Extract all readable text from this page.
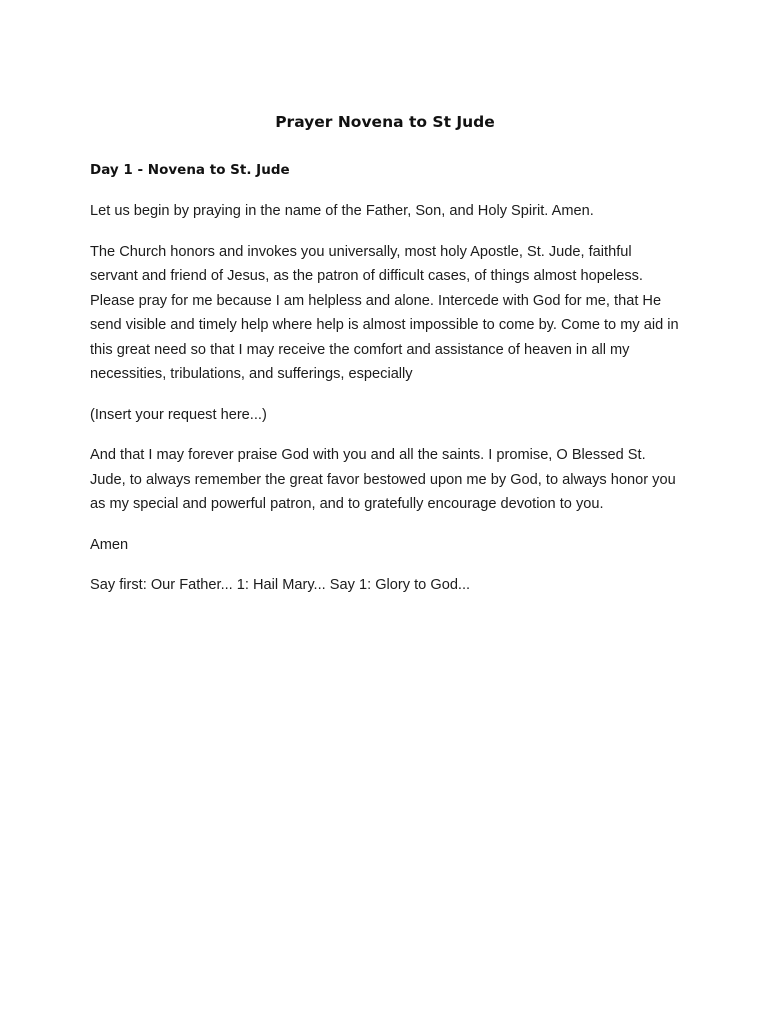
Prayer Novena to St Jude
Day 1 - Novena to St. Jude

Let us begin by praying in the name of the Father, Son, and Holy Spirit. Amen.

The Church honors and invokes you universally, most holy Apostle, St. Jude, faithful servant and friend of Jesus, as the patron of difficult cases, of things almost hopeless. Please pray for me because I am helpless and alone. Intercede with God for me, that He send visible and timely help where help is almost impossible to come by. Come to my aid in this great need so that I may receive the comfort and assistance of heaven in all my necessities, tribulations, and sufferings, especially

(Insert your request here...)

And that I may forever praise God with you and all the saints. I promise, O Blessed St. Jude, to always remember the great favor bestowed upon me by God, to always honor you as my special and powerful patron, and to gratefully encourage devotion to you.

Amen

Say first: Our Father... 1: Hail Mary... Say 1: Glory to God...
